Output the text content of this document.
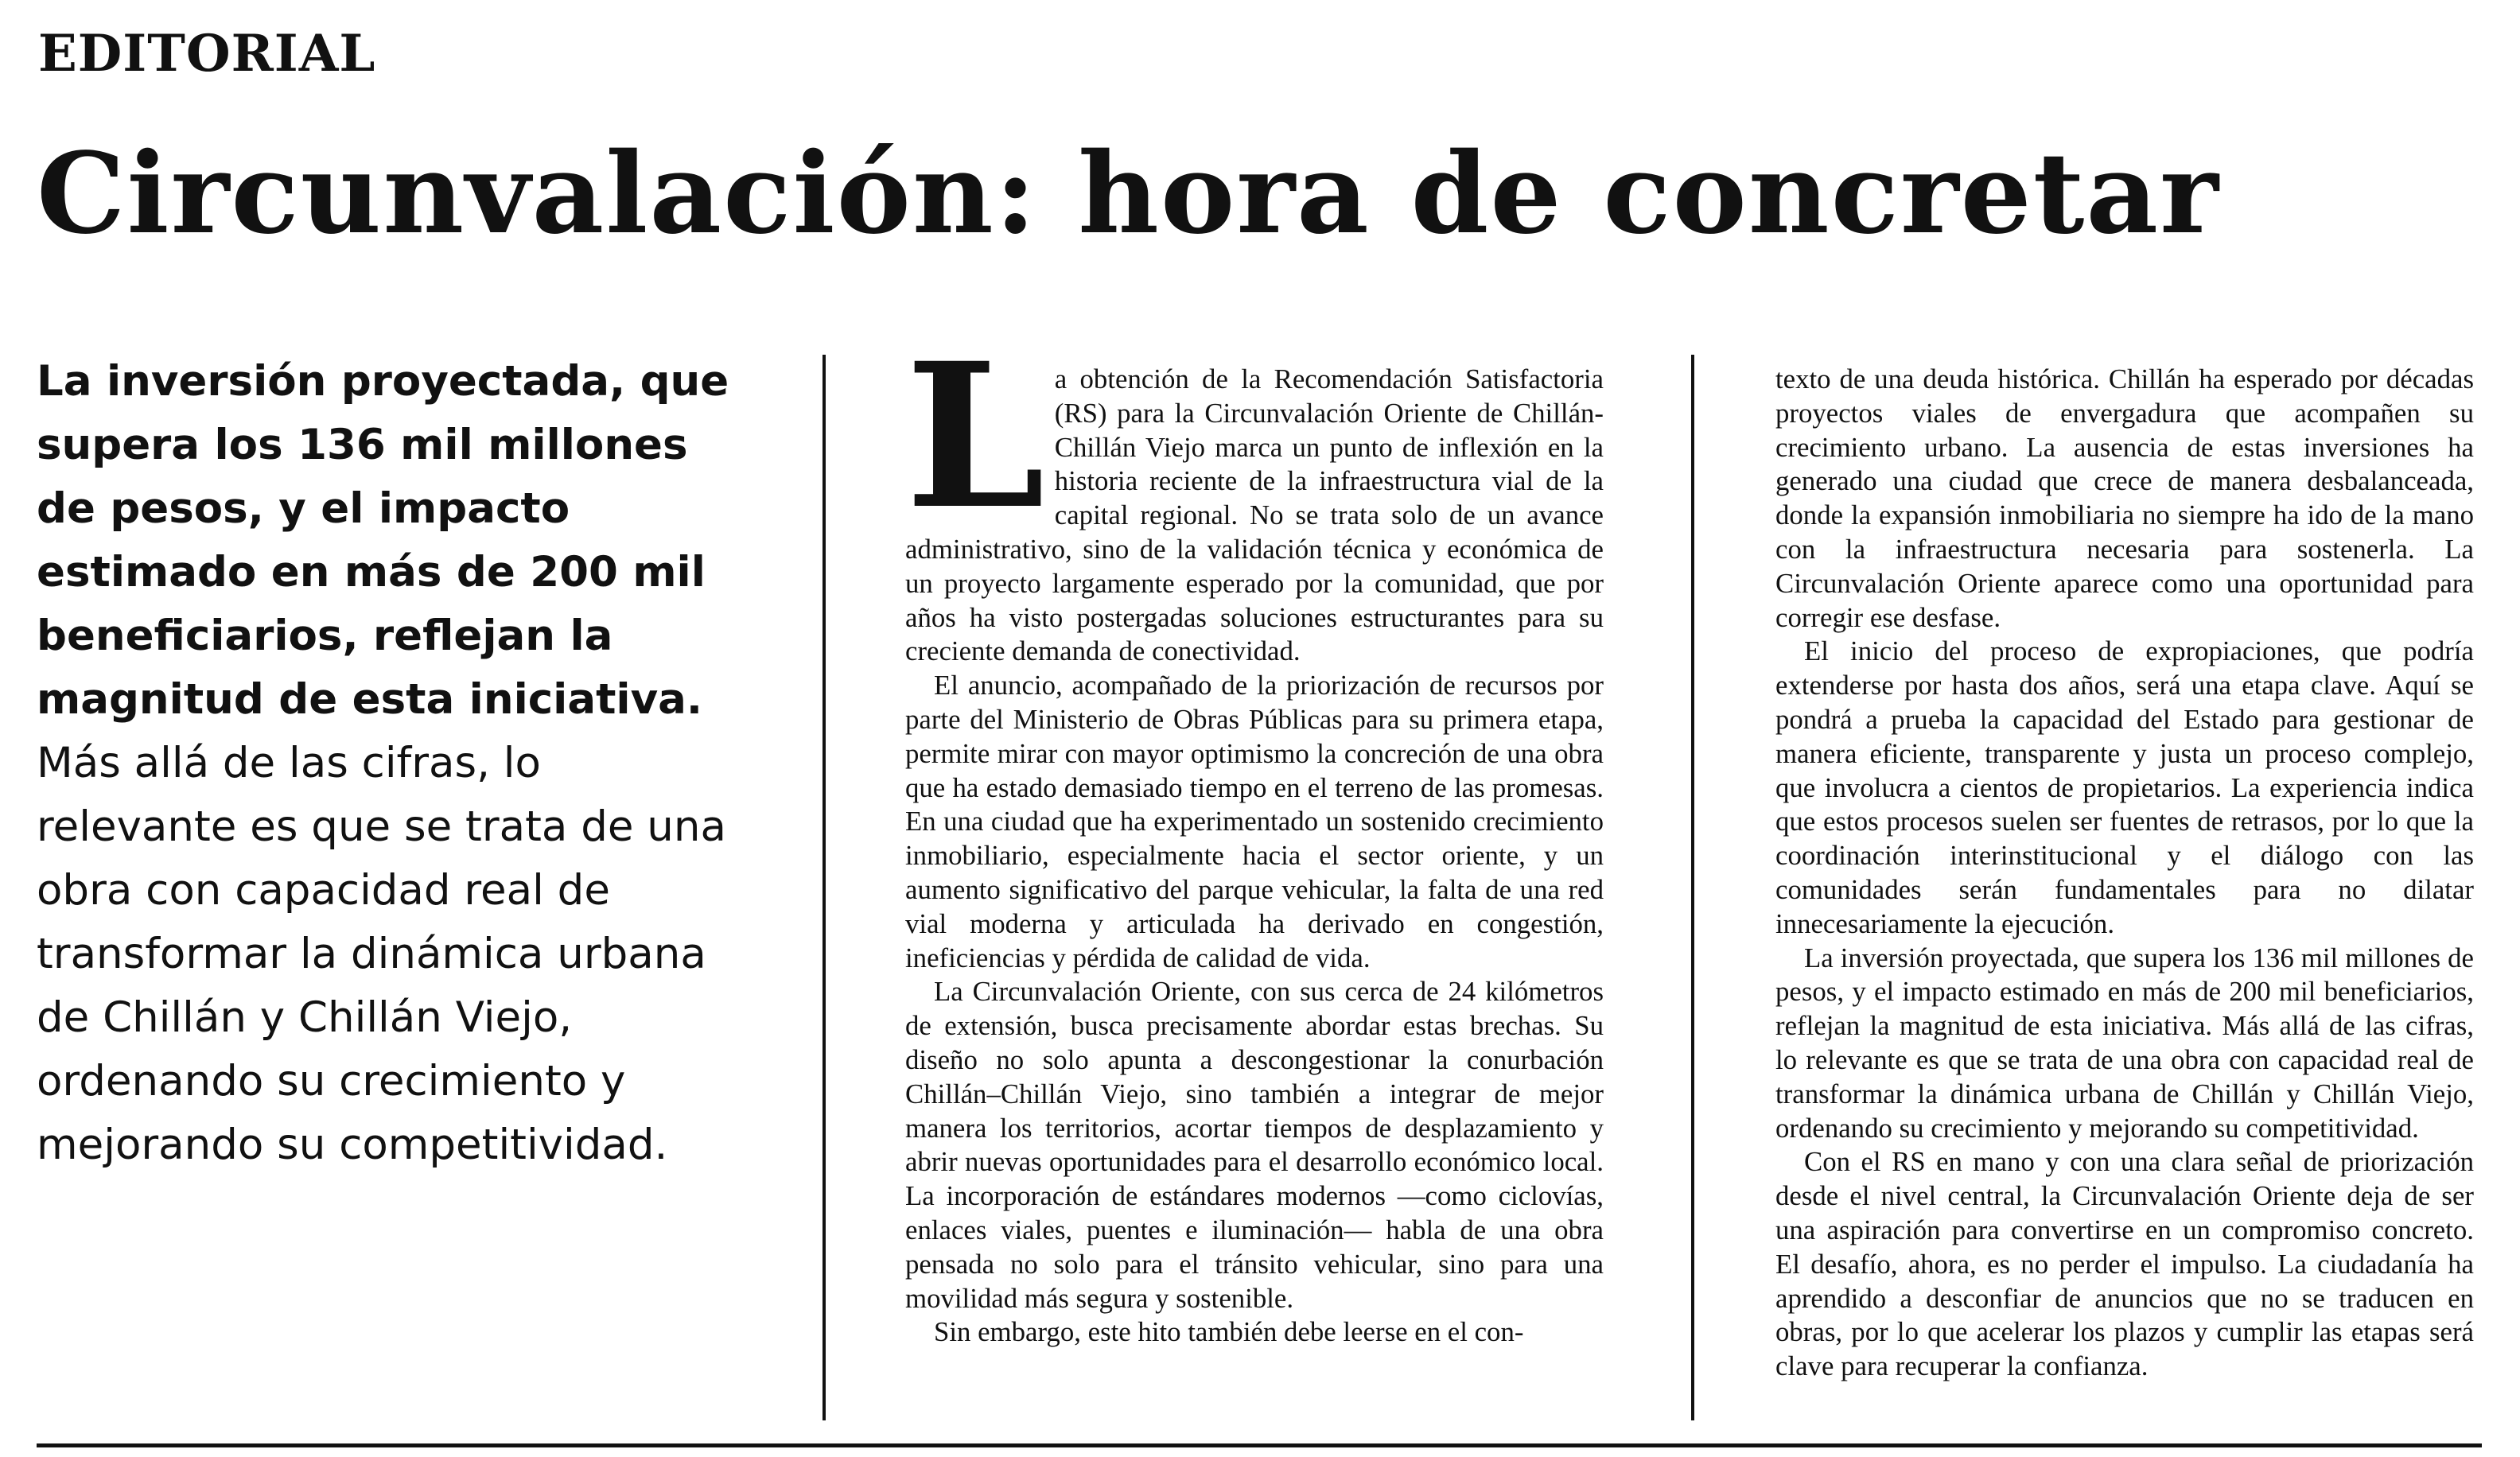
EDITORIAL
Circunvalación: hora de concretar

La inversión proyectada, que supera los 136 mil millones de pesos, y el impacto estimado en más de 200 mil beneficiarios, reflejan la magnitud de esta iniciativa. Más allá de las cifras, lo relevante es que se trata de una obra con capacidad real de transformar la dinámica urbana de Chillán y Chillán Viejo, ordenando su crecimiento y mejorando su competitividad.

La obtención de la Recomendación Satisfactoria (RS) para la Circunvalación Oriente de Chillán-Chillán Viejo marca un punto de inflexión en la historia reciente de la infraestructura vial de la capital regional. No se trata solo de un avance administrativo, sino de la validación técnica y económica de un proyecto largamente esperado por la comunidad, que por años ha visto postergadas soluciones estructurantes para su creciente demanda de conectividad.

El anuncio, acompañado de la priorización de recursos por parte del Ministerio de Obras Públicas para su primera etapa, permite mirar con mayor optimismo la concreción de una obra que ha estado demasiado tiempo en el terreno de las promesas. En una ciudad que ha experimentado un sostenido crecimiento inmobiliario, especialmente hacia el sector oriente, y un aumento significativo del parque vehicular, la falta de una red vial moderna y articulada ha derivado en congestión, ineficiencias y pérdida de calidad de vida.

La Circunvalación Oriente, con sus cerca de 24 kilómetros de extensión, busca precisamente abordar estas brechas. Su diseño no solo apunta a descongestionar la conurbación Chillán–Chillán Viejo, sino también a integrar de mejor manera los territorios, acortar tiempos de desplazamiento y abrir nuevas oportunidades para el desarrollo económico local. La incorporación de estándares modernos —como ciclovías, enlaces viales, puentes e iluminación— habla de una obra pensada no solo para el tránsito vehicular, sino para una movilidad más segura y sostenible.

Sin embargo, este hito también debe leerse en el con-

texto de una deuda histórica. Chillán ha esperado por décadas proyectos viales de envergadura que acompañen su crecimiento urbano. La ausencia de estas inversiones ha generado una ciudad que crece de manera desbalanceada, donde la expansión inmobiliaria no siempre ha ido de la mano con la infraestructura necesaria para sostenerla. La Circunvalación Oriente aparece como una oportunidad para corregir ese desfase.

El inicio del proceso de expropiaciones, que podría extenderse por hasta dos años, será una etapa clave. Aquí se pondrá a prueba la capacidad del Estado para gestionar de manera eficiente, transparente y justa un proceso complejo, que involucra a cientos de propietarios. La experiencia indica que estos procesos suelen ser fuentes de retrasos, por lo que la coordinación interinstitucional y el diálogo con las comunidades serán fundamentales para no dilatar innecesariamente la ejecución.

La inversión proyectada, que supera los 136 mil millones de pesos, y el impacto estimado en más de 200 mil beneficiarios, reflejan la magnitud de esta iniciativa. Más allá de las cifras, lo relevante es que se trata de una obra con capacidad real de transformar la dinámica urbana de Chillán y Chillán Viejo, ordenando su crecimiento y mejorando su competitividad.

Con el RS en mano y con una clara señal de priorización desde el nivel central, la Circunvalación Oriente deja de ser una aspiración para convertirse en un compromiso concreto. El desafío, ahora, es no perder el impulso. La ciudadanía ha aprendido a desconfiar de anuncios que no se traducen en obras, por lo que acelerar los plazos y cumplir las etapas será clave para recuperar la confianza.
